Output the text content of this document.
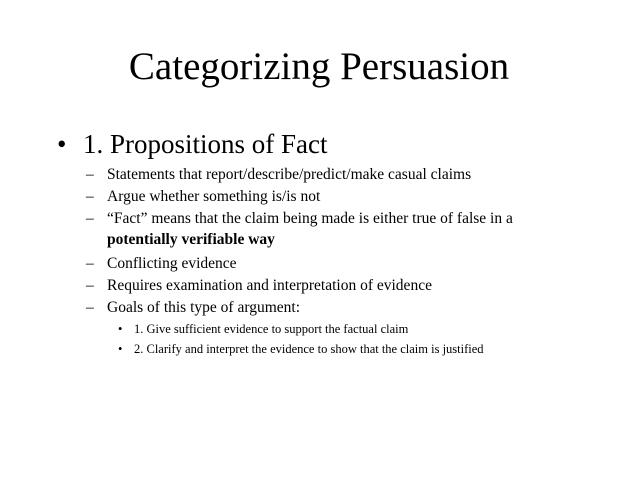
Categorizing Persuasion
• 1. Propositions of Fact
– Statements that report/describe/predict/make casual claims
– Argue whether something is/is not
– “Fact” means that the claim being made is either true of false in a
potentially verifiable way
– Conflicting evidence
– Requires examination and interpretation of evidence
– Goals of this type of argument:
• 1. Give sufficient evidence to support the factual claim
• 2. Clarify and interpret the evidence to show that the claim is justified
